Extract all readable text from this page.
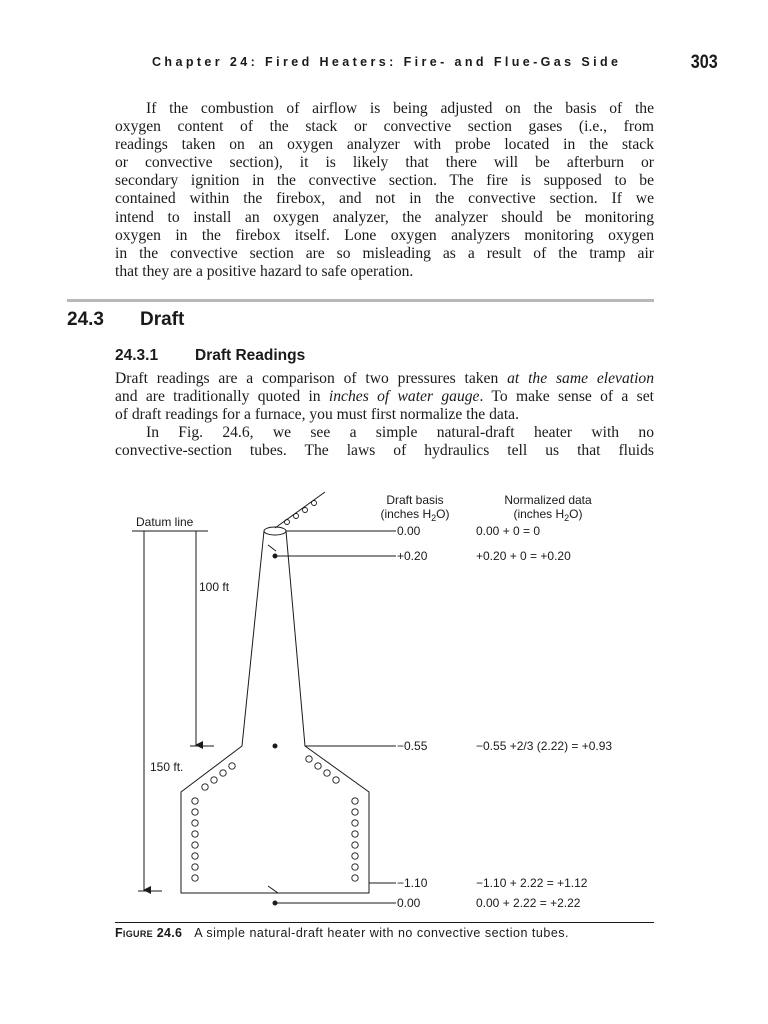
Chapter 24: Fired Heaters: Fire- and Flue-Gas Side	303
If the combustion of airflow is being adjusted on the basis of the
oxygen content of the stack or convective section gases (i.e., from
readings taken on an oxygen analyzer with probe located in the stack
or convective section), it is likely that there will be afterburn or
secondary ignition in the convective section. The fire is supposed to be
contained within the firebox, and not in the convective section. If we
intend to install an oxygen analyzer, the analyzer should be monitoring
oxygen in the firebox itself. Lone oxygen analyzers monitoring oxygen
in the convective section are so misleading as a result of the tramp air
that they are a positive hazard to safe operation.
24.3 Draft
24.3.1 Draft Readings
Draft readings are a comparison of two pressures taken at the same elevation
and are traditionally quoted in inches of water gauge. To make sense of a set
of draft readings for a furnace, you must first normalize the data.
In Fig. 24.6, we see a simple natural-draft heater with no
convective-section tubes. The laws of hydraulics tell us that fluids
Draft basis
(inches $H_2O$)
Normalized data
(inches $H_2O$)
Datum line
150 ft.
100 ft
0.00	0.00 + 0 = 0
+0.20	+0.20 + 0 = +0.20
−0.55	−0.55 +2/3 (2.22) = +0.93
−1.10	−1.10 + 2.22 = +1.12
0.00	0.00 + 2.22 = +2.22

Figure 24.6 A simple natural-draft heater with no convective section tubes.
